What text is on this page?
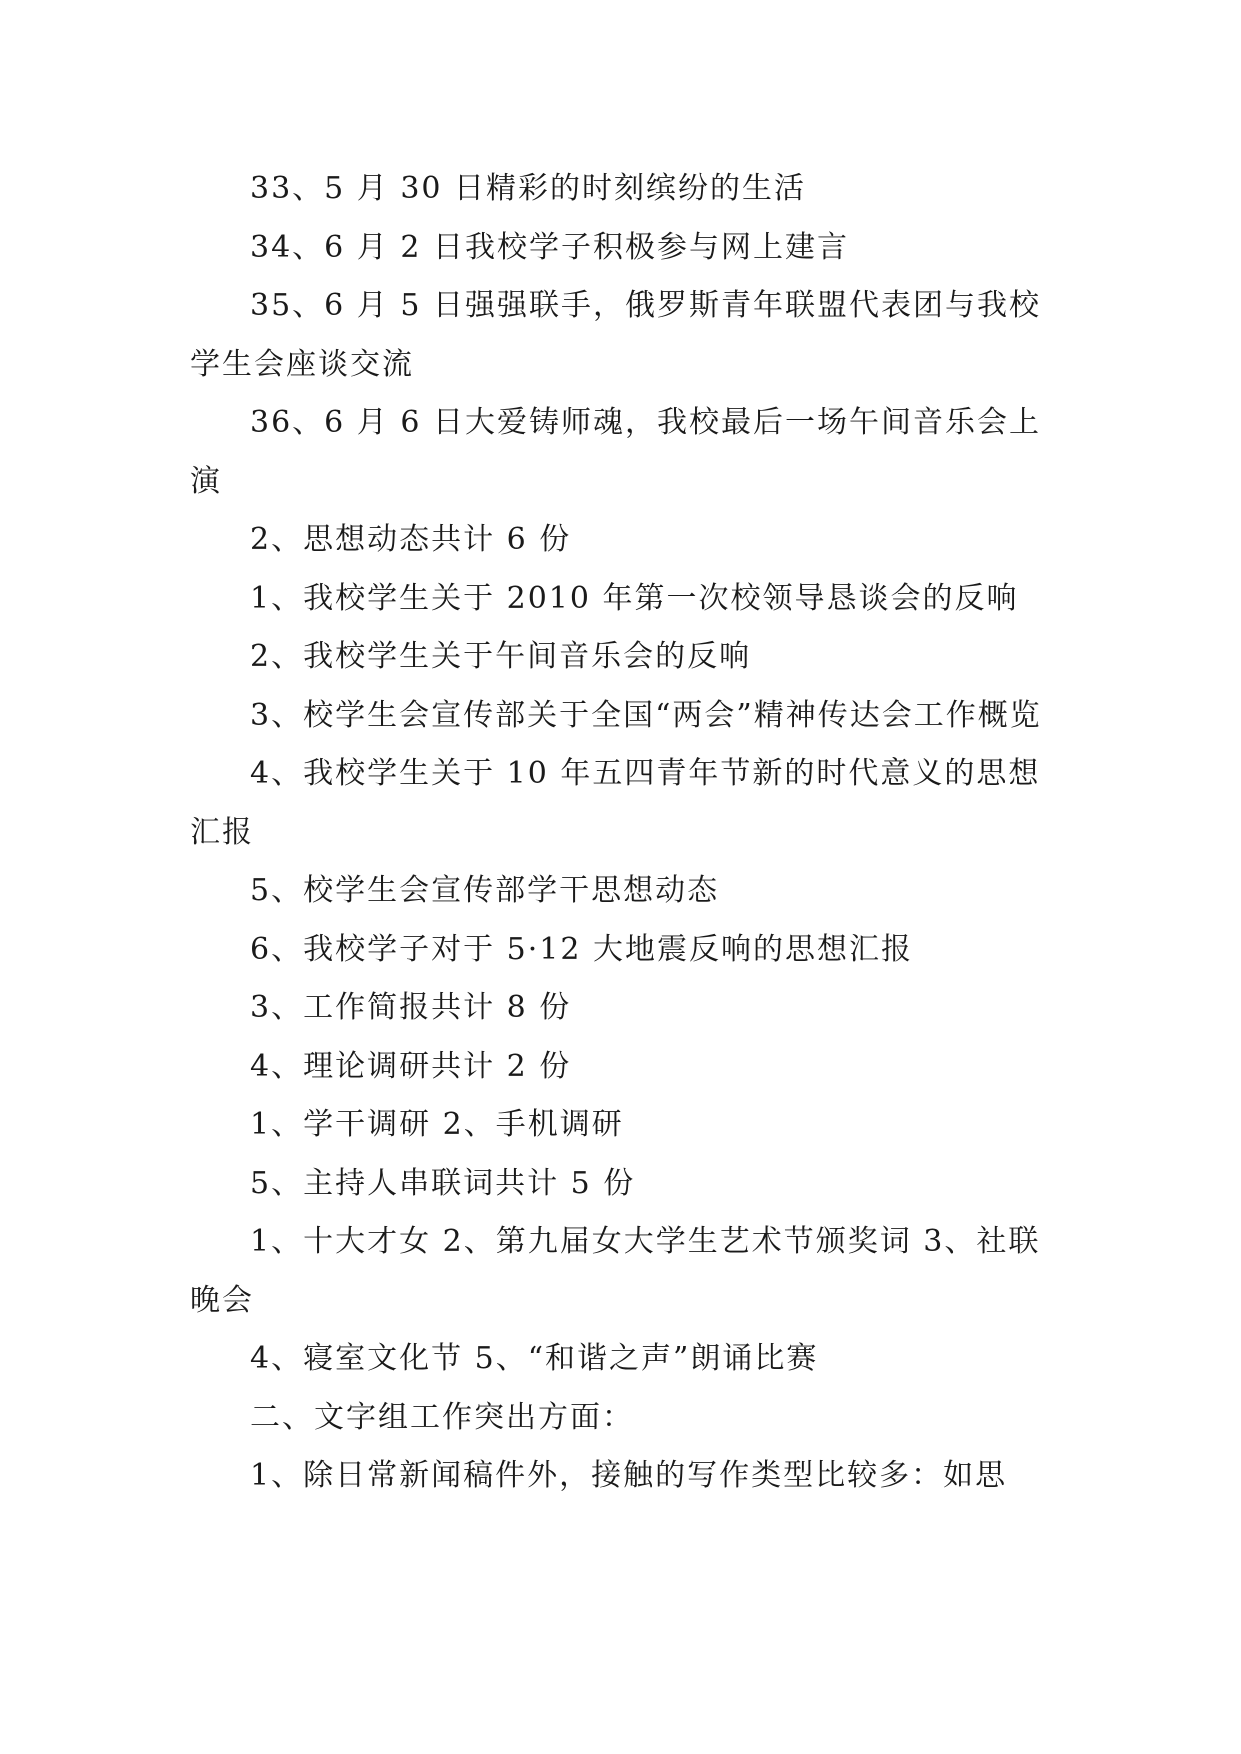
33、5 月 30 日精彩的时刻缤纷的生活

34、6 月 2 日我校学子积极参与网上建言

35、6 月 5 日强强联手，俄罗斯青年联盟代表团与我校学生会座谈交流

36、6 月 6 日大爱铸师魂，我校最后一场午间音乐会上演

2、思想动态共计 6 份

1、我校学生关于 2010 年第一次校领导恳谈会的反响

2、我校学生关于午间音乐会的反响

3、校学生会宣传部关于全国“两会”精神传达会工作概览

4、我校学生关于 10 年五四青年节新的时代意义的思想汇报

5、校学生会宣传部学干思想动态

6、我校学子对于 5·12 大地震反响的思想汇报

3、工作简报共计 8 份

4、理论调研共计 2 份

1、学干调研 2、手机调研

5、主持人串联词共计 5 份

1、十大才女 2、第九届女大学生艺术节颁奖词 3、社联晚会

4、寝室文化节 5、“和谐之声”朗诵比赛

二、文字组工作突出方面：

1、除日常新闻稿件外，接触的写作类型比较多：如思
